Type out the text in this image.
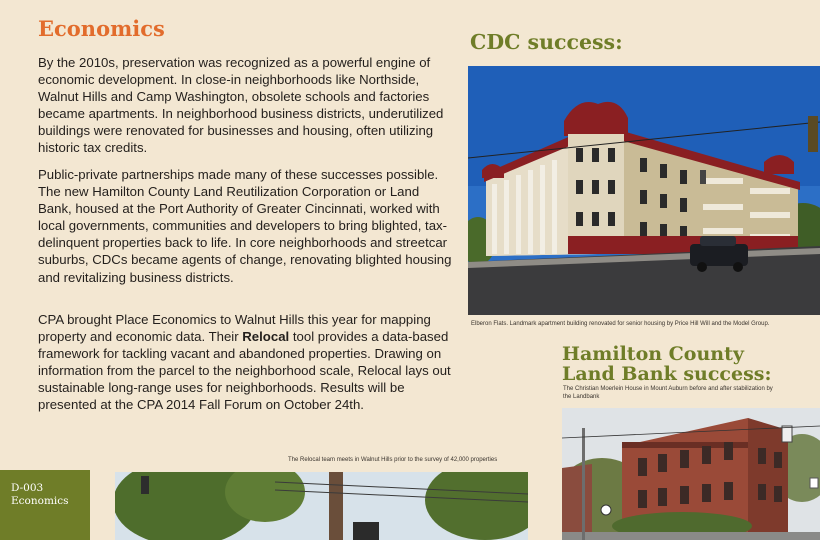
Economics

By the 2010s, preservation was recognized as a powerful engine of economic development. In close-in neighborhoods like Northside, Walnut Hills and Camp Washington, obsolete schools and factories became apartments. In neighborhood business districts, underutilized buildings were renovated for businesses and housing, often utilizing historic tax credits.

Public-private partnerships made many of these successes possible. The new Hamilton County Land Reutilization Corporation or Land Bank, housed at the Port Authority of Greater Cincinnati, worked with local governments, communities and developers to bring blighted, tax-delinquent properties back to life. In core neighborhoods and streetcar suburbs, CDCs became agents of change, renovating blighted housing and revitalizing business districts.

CPA brought Place Economics to Walnut Hills this year for mapping property and economic data. Their Relocal tool provides a data-based framework for tackling vacant and abandoned properties. Drawing on information from the parcel to the neighborhood scale, Relocal lays out sustainable long-range uses for neighborhoods. Results will be presented at the CPA 2014 Fall Forum on October 24th.

CDC success:
Elberon Flats. Landmark apartment building renovated for senior housing by Price Hill Will and the Model Group.
Hamilton County
Land Bank success:
The Christian Moerlein House in Mount Auburn before and after stabilization by the Landbank
The Relocal team meets in Walnut Hills prior to the survey of 42,000 properties
D-003
Economics
